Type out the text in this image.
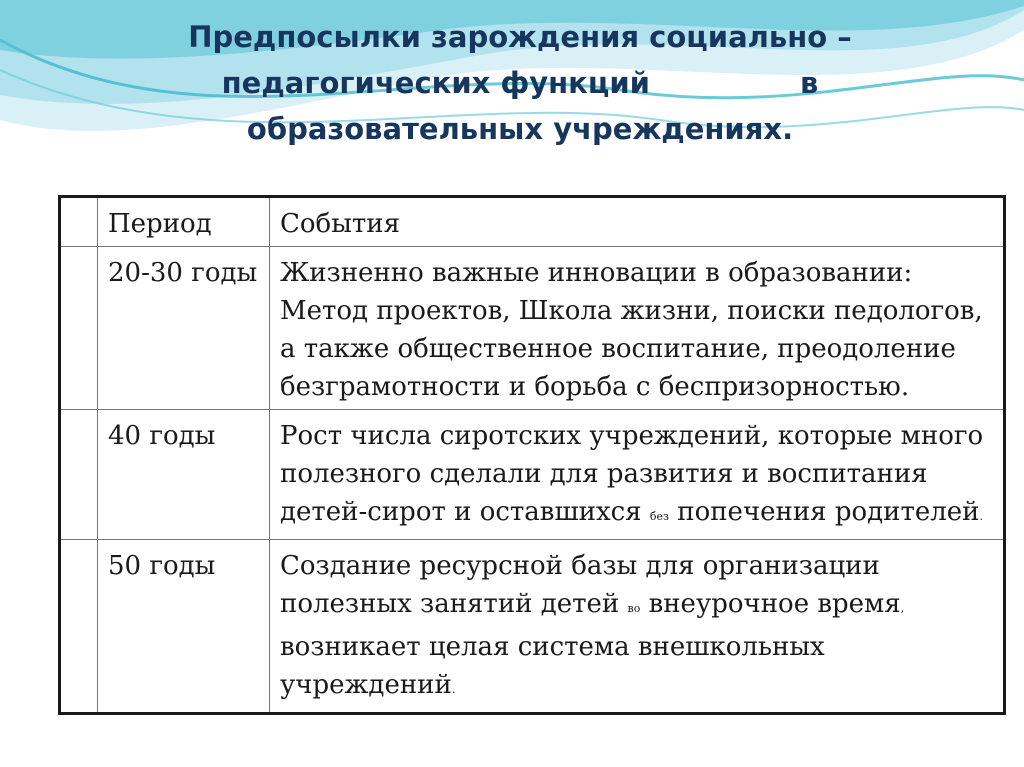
Предпосылки зарождения социально –
педагогических функций	в
образовательных учреждениях.
	Период	События
	20-30 годы	Жизненно важные инновации в образовании: Метод проектов, Школа жизни, поиски педологов, а также общественное воспитание, преодоление безграмотности и борьба с беспризорностью.
	40 годы	Рост числа сиротских учреждений, которые много полезного сделали для развития и воспитания детей-сирот и оставшихся без попечения родителей.
	50 годы	Создание ресурсной базы для организации полезных занятий детей во внеурочное время, возникает целая система внешкольных учреждений.
